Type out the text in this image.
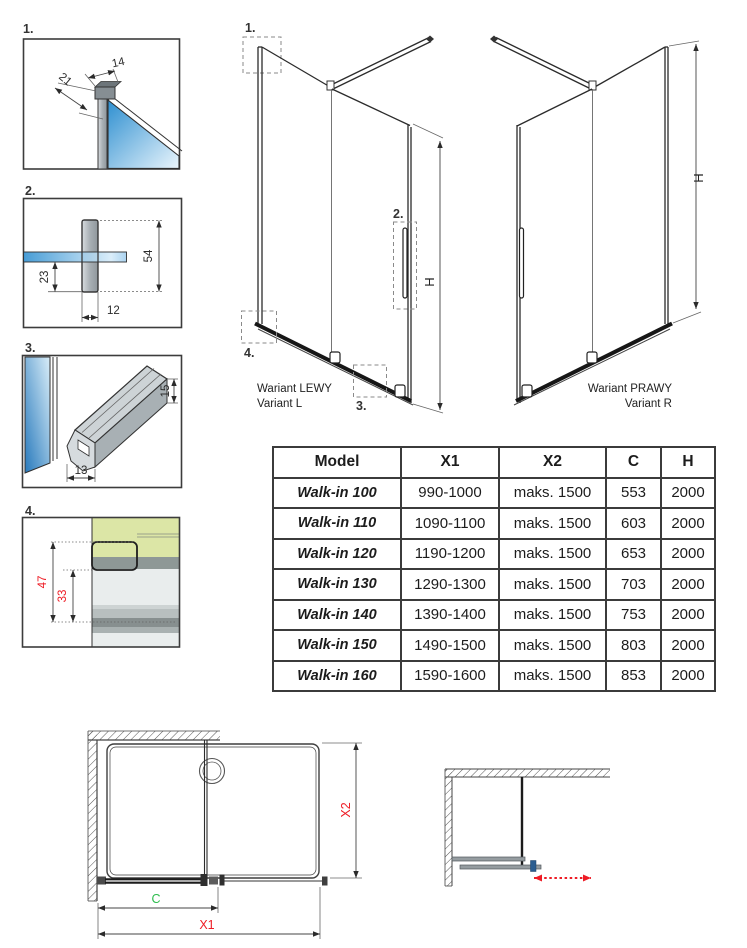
1.
14
21
2.
54
23
12
3.
13
15
4.
47
33
1.
2.
3.
4.
H
Wariant LEWY
Variant L
H
Wariant PRAWY
Variant R
Model	X1	X2	C	H
Walk-in 100	990-1000	maks. 1500	553	2000
Walk-in 110	1090-1100	maks. 1500	603	2000
Walk-in 120	1190-1200	maks. 1500	653	2000
Walk-in 130	1290-1300	maks. 1500	703	2000
Walk-in 140	1390-1400	maks. 1500	753	2000
Walk-in 150	1490-1500	maks. 1500	803	2000
Walk-in 160	1590-1600	maks. 1500	853	2000
C
X1
X2
